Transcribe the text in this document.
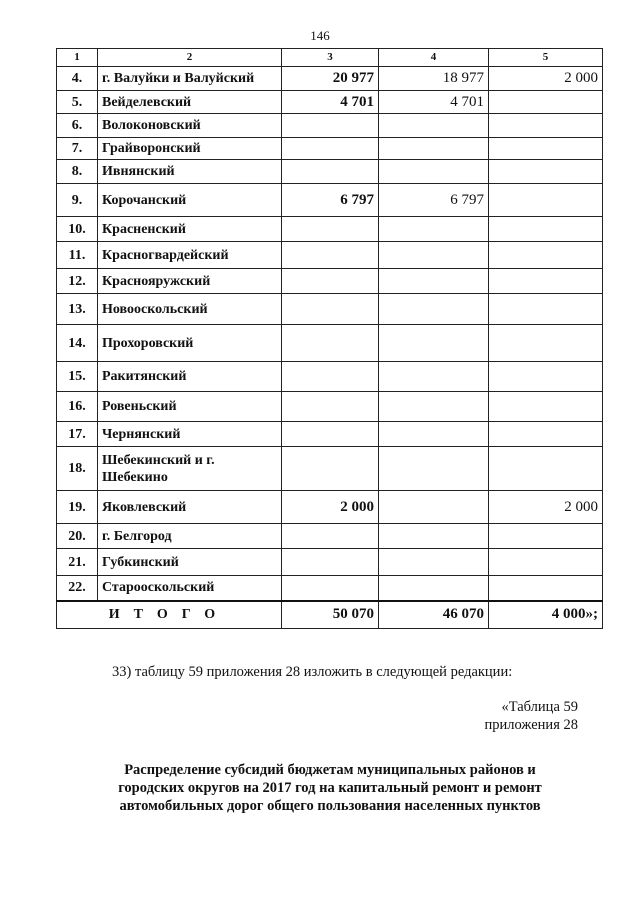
146
1	2	3	4	5
4.	г. Валуйки и Валуйский	20 977	18 977	2 000
5.	Вейделевский	4 701	4 701	
6.	Волоконовский			
7.	Грайворонский			
8.	Ивнянский			
9.	Корочанский	6 797	6 797	
10.	Красненский			
11.	Красногвардейский			
12.	Краснояружский			
13.	Новооскольский			
14.	Прохоровский			
15.	Ракитянский			
16.	Ровеньский			
17.	Чернянский			
18.	Шебекинский и г. Шебекино			
19.	Яковлевский	2 000		2 000
20.	г. Белгород			
21.	Губкинский			
22.	Старооскольский			
ИТОГО		50 070	46 070	4 000»;
33) таблицу 59 приложения 28 изложить в следующей редакции:
«Таблица 59
приложения 28
Распределение субсидий бюджетам муниципальных районов и городских округов на 2017 год на капитальный ремонт и ремонт автомобильных дорог общего пользования населенных пунктов
